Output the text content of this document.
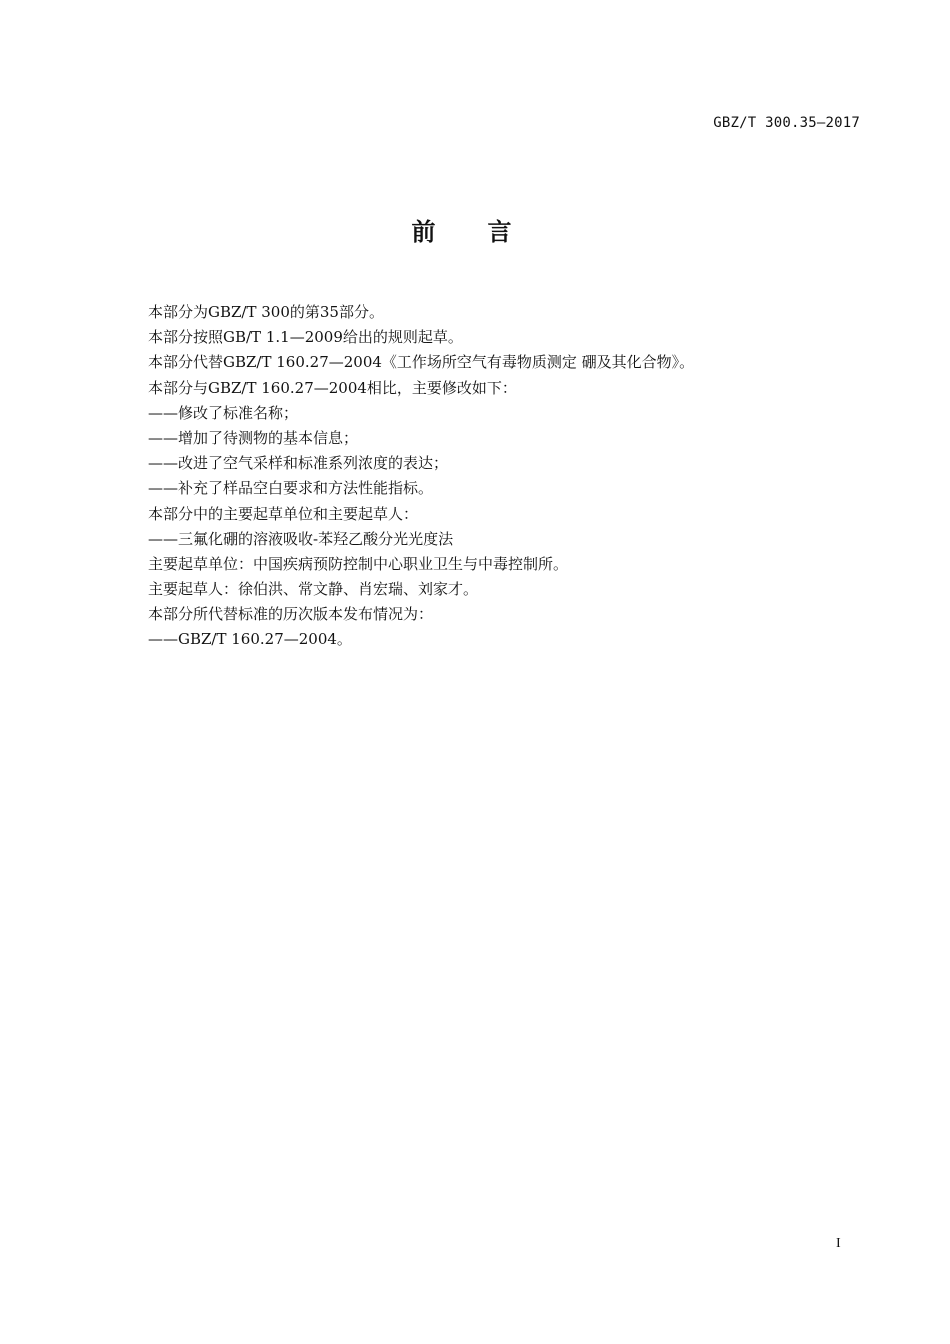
GBZ/T 300.35—2017
前言
本部分为GBZ/T 300的第35部分。
本部分按照GB/T 1.1—2009给出的规则起草。
本部分代替GBZ/T 160.27—2004《工作场所空气有毒物质测定 硼及其化合物》。
本部分与GBZ/T 160.27—2004相比，主要修改如下：
——修改了标准名称；
——增加了待测物的基本信息；
——改进了空气采样和标准系列浓度的表达；
——补充了样品空白要求和方法性能指标。
本部分中的主要起草单位和主要起草人：
——三氟化硼的溶液吸收-苯羟乙酸分光光度法
主要起草单位：中国疾病预防控制中心职业卫生与中毒控制所。
主要起草人：徐伯洪、常文静、肖宏瑞、刘家才。
本部分所代替标准的历次版本发布情况为：
——GBZ/T 160.27—2004。
I
